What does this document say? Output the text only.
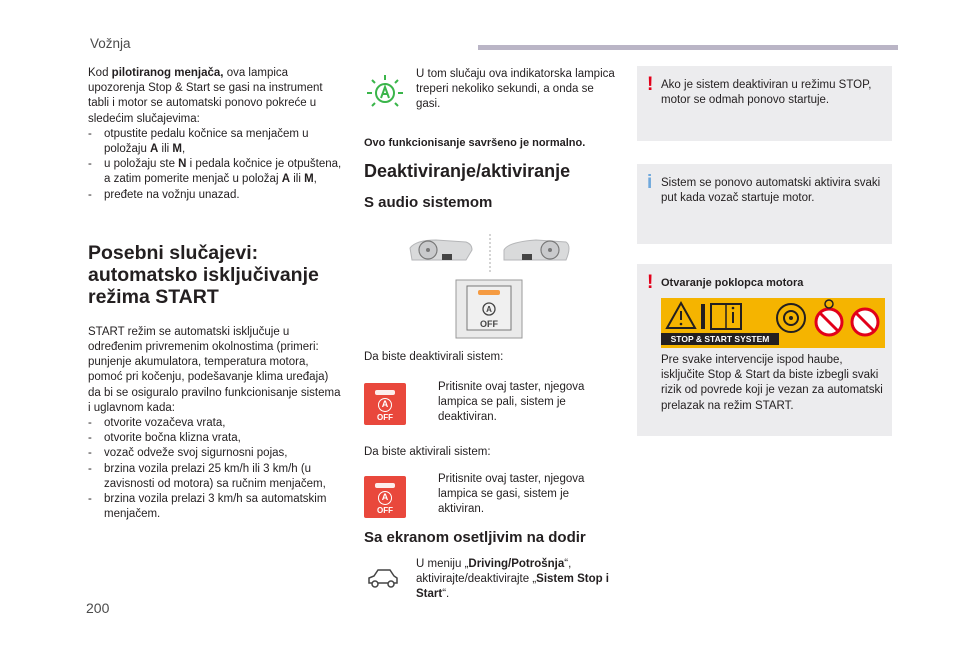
Vožnja

Kod pilotiranog menjača, ova lampica upozorenja Stop & Start se gasi na instrument tabli i motor se automatski ponovo pokreće u sledećim slučajevima:

- otpustite pedalu kočnice sa menjačem u položaju A ili M,
- u položaju ste N i pedala kočnice je otpuštena, a zatim pomerite menjač u položaj A ili M,
- pređete na vožnju unazad.
Posebni slučajevi: automatsko isključivanje režima START

START režim se automatski isključuje u određenim privremenim okolnostima (primeri: punjenje akumulatora, temperatura motora, pomoć pri kočenju, podešavanje klima uređaja) da bi se osiguralo pravilno funkcionisanje sistema i uglavnom kada:

- otvorite vozačeva vrata,
- otvorite bočna klizna vrata,
- vozač odveže svoj sigurnosni pojas,
- brzina vozila prelazi 25 km/h ili 3 km/h (u zavisnosti od motora) sa ručnim menjačem,
- brzina vozila prelazi 3 km/h sa automatskim menjačem.

U tom slučaju ova indikatorska lampica treperi nekoliko sekundi, a onda se gasi.

Ovo funkcionisanje savršeno je normalno.

Deaktiviranje/aktiviranje
S audio sistemom
A
OFF

Da biste deaktivirali sistem:

A
OFF
Pritisnite ovaj taster, njegova lampica se pali, sistem je deaktiviran.

Da biste aktivirali sistem:

A
OFF
Pritisnite ovaj taster, njegova lampica se gasi, sistem je aktiviran.
Sa ekranom osetljivim na dodir

U meniju „Driving/Potrošnja“, aktivirajte/deaktivirajte „Sistem Stop i Start“.

! Ako je sistem deaktiviran u režimu STOP, motor se odmah ponovo startuje.

i Sistem se ponovo automatski aktivira svaki put kada vozač startuje motor.

! Otvaranje poklopca motora

STOP & START SYSTEM

Pre svake intervencije ispod haube, isključite Stop & Start da biste izbegli svaki rizik od povrede koji je vezan za automatski prelazak na režim START.

200
